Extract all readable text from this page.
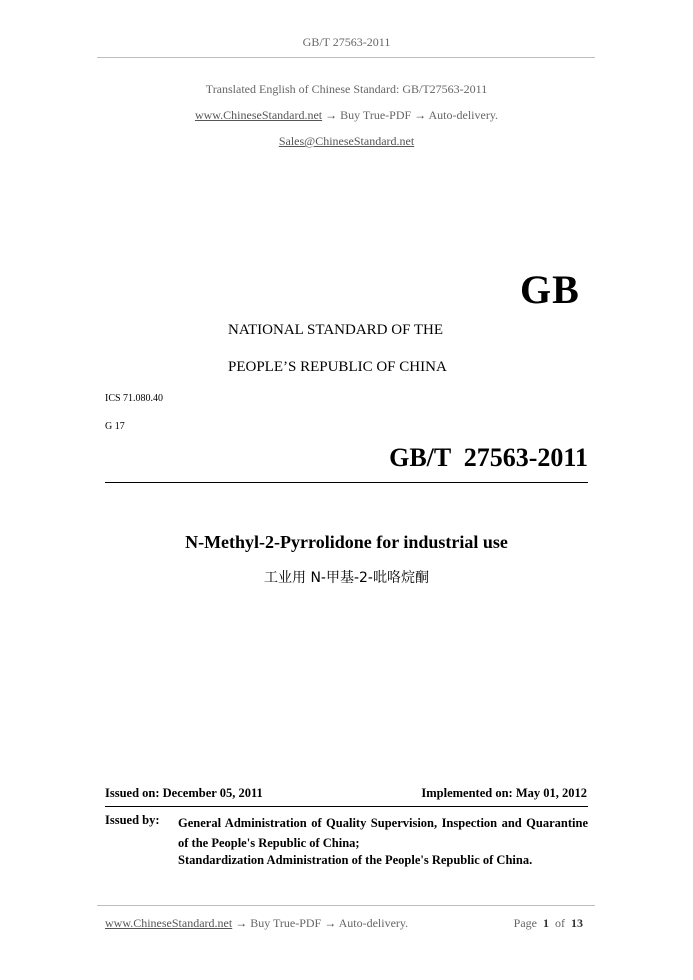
GB/T 27563-2011
Translated English of Chinese Standard: GB/T27563-2011
www.ChineseStandard.net → Buy True-PDF → Auto-delivery.
Sales@ChineseStandard.net
GB
NATIONAL STANDARD OF THE
PEOPLE’S REPUBLIC OF CHINA
ICS 71.080.40
G 17
GB/T  27563-2011
N-Methyl-2-Pyrrolidone for industrial use
工业用 N-甲基-2-吡咯烷酮
Issued on: December 05, 2011	Implemented on: May 01, 2012
Issued by: General Administration of Quality Supervision, Inspection and Quarantine of the People's Republic of China;
Standardization Administration of the People's Republic of China.
www.ChineseStandard.net → Buy True-PDF → Auto-delivery.	Page 1 of 13
